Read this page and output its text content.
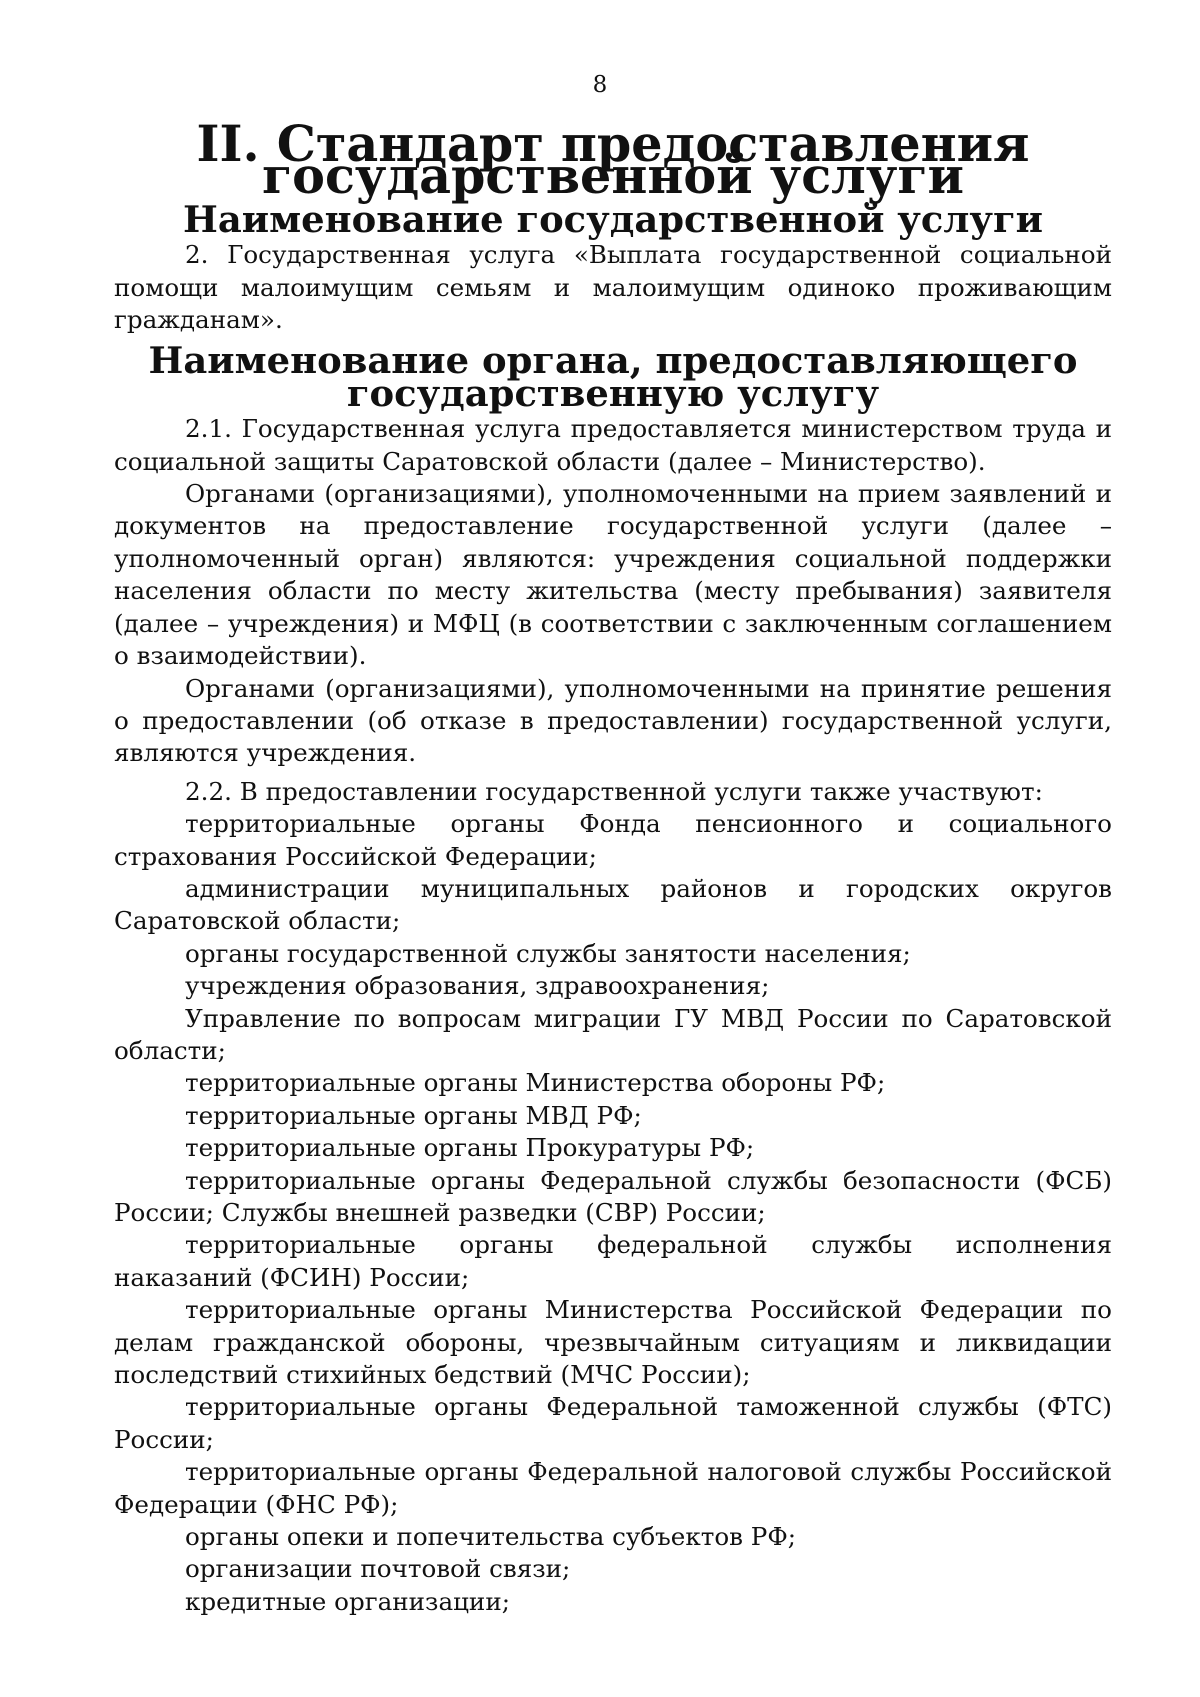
8
II. Стандарт предоставления государственной услуги
Наименование государственной услуги

2. Государственная услуга «Выплата государственной социальной помощи малоимущим семьям и малоимущим одиноко проживающим гражданам».

Наименование органа, предоставляющего государственную услугу

2.1. Государственная услуга предоставляется министерством труда и социальной защиты Саратовской области (далее – Министерство).

Органами (организациями), уполномоченными на прием заявлений и документов на предоставление государственной услуги (далее – уполномоченный орган) являются: учреждения социальной поддержки населения области по месту жительства (месту пребывания) заявителя (далее – учреждения) и МФЦ (в соответствии с заключенным соглашением о взаимодействии).

Органами (организациями), уполномоченными на принятие решения о предоставлении (об отказе в предоставлении) государственной услуги, являются учреждения.

2.2. В предоставлении государственной услуги также участвуют:

территориальные органы Фонда пенсионного и социального страхования Российской Федерации;

администрации муниципальных районов и городских округов Саратовской области;

органы государственной службы занятости населения;

учреждения образования, здравоохранения;

Управление по вопросам миграции ГУ МВД России по Саратовской области;

территориальные органы Министерства обороны РФ;

территориальные органы МВД РФ;

территориальные органы Прокуратуры РФ;

территориальные органы Федеральной службы безопасности (ФСБ) России; Службы внешней разведки (СВР) России;

территориальные органы федеральной службы исполнения наказаний (ФСИН) России;

территориальные органы Министерства Российской Федерации по делам гражданской обороны, чрезвычайным ситуациям и ликвидации последствий стихийных бедствий (МЧС России);

территориальные органы Федеральной таможенной службы (ФТС) России;

территориальные органы Федеральной налоговой службы Российской Федерации (ФНС РФ);

органы опеки и попечительства субъектов РФ;

организации почтовой связи;

кредитные организации;
